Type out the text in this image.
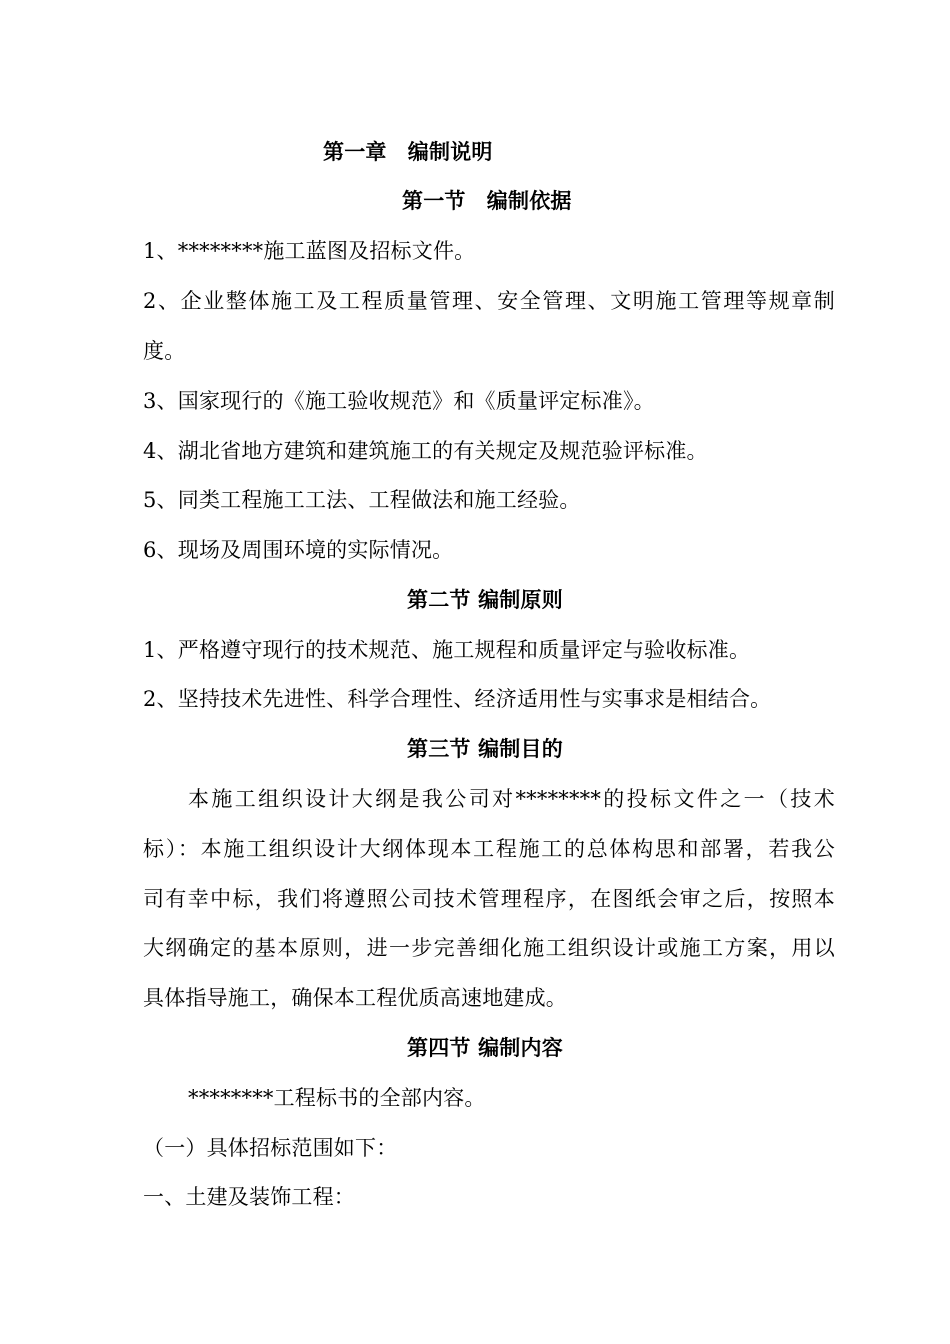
第一章　编制说明
第一节　编制依据
1、********施工蓝图及招标文件。
2、企业整体施工及工程质量管理、安全管理、文明施工管理等规章制
度。
3、国家现行的《施工验收规范》和《质量评定标准》。
4、湖北省地方建筑和建筑施工的有关规定及规范验评标准。
5、同类工程施工工法、工程做法和施工经验。
6、现场及周围环境的实际情况。
第二节 编制原则
1、严格遵守现行的技术规范、施工规程和质量评定与验收标准。
2、坚持技术先进性、科学合理性、经济适用性与实事求是相结合。
第三节 编制目的
本施工组织设计大纲是我公司对********的投标文件之一（技术
标）：本施工组织设计大纲体现本工程施工的总体构思和部署，若我公
司有幸中标，我们将遵照公司技术管理程序，在图纸会审之后，按照本
大纲确定的基本原则，进一步完善细化施工组织设计或施工方案，用以
具体指导施工，确保本工程优质高速地建成。
第四节 编制内容
********工程标书的全部内容。
（一）具体招标范围如下：
一、土建及装饰工程：
